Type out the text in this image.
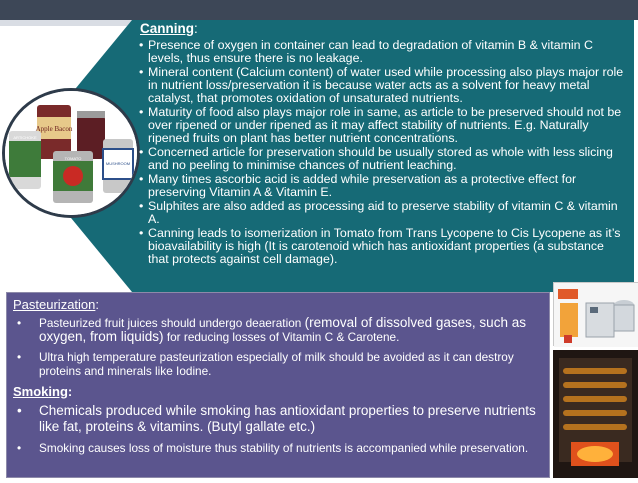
Apple Bacon
ARTICHOKE
MUSHROOM
TOMATO
Canning:
• Presence of oxygen in container can lead to degradation of vitamin B & vitamin C levels, thus ensure there is no leakage.
• Mineral content (Calcium content) of water used while processing also plays major role in nutrient loss/preservation it is because water acts as a solvent for heavy metal catalyst, that promotes oxidation of unsaturated nutrients.
• Maturity of food also plays major role in same, as article to be preserved should not be over ripened or under ripened as it may affect stability of nutrients. E.g. Naturally ripened fruits on plant has better nutrient concentrations.
• Concerned article for preservation should be usually stored as whole with less slicing and no peeling to minimise chances of nutrient leaching.
• Many times ascorbic acid is added while preservation as a protective effect for preserving Vitamin A & Vitamin E.
• Sulphites are also added as processing aid to preserve stability of vitamin C & vitamin A.
• Canning leads to isomerization in Tomato from Trans Lycopene to Cis Lycopene as it’s bioavailability is high (It is carotenoid which has antioxidant properties (a substance that protects against cell damage).
Pasteurization:
• Pasteurized fruit juices should undergo deaeration (removal of dissolved gases, such as oxygen, from liquids) for reducing losses of Vitamin C & Carotene.
• Ultra high temperature pasteurization especially of milk should be avoided as it can destroy proteins and minerals like Iodine.
Smoking:
• Chemicals produced while smoking has antioxidant properties to preserve nutrients like fat, proteins & vitamins. (Butyl gallate etc.)
• Smoking causes loss of moisture thus stability of nutrients is accompanied while preservation.
